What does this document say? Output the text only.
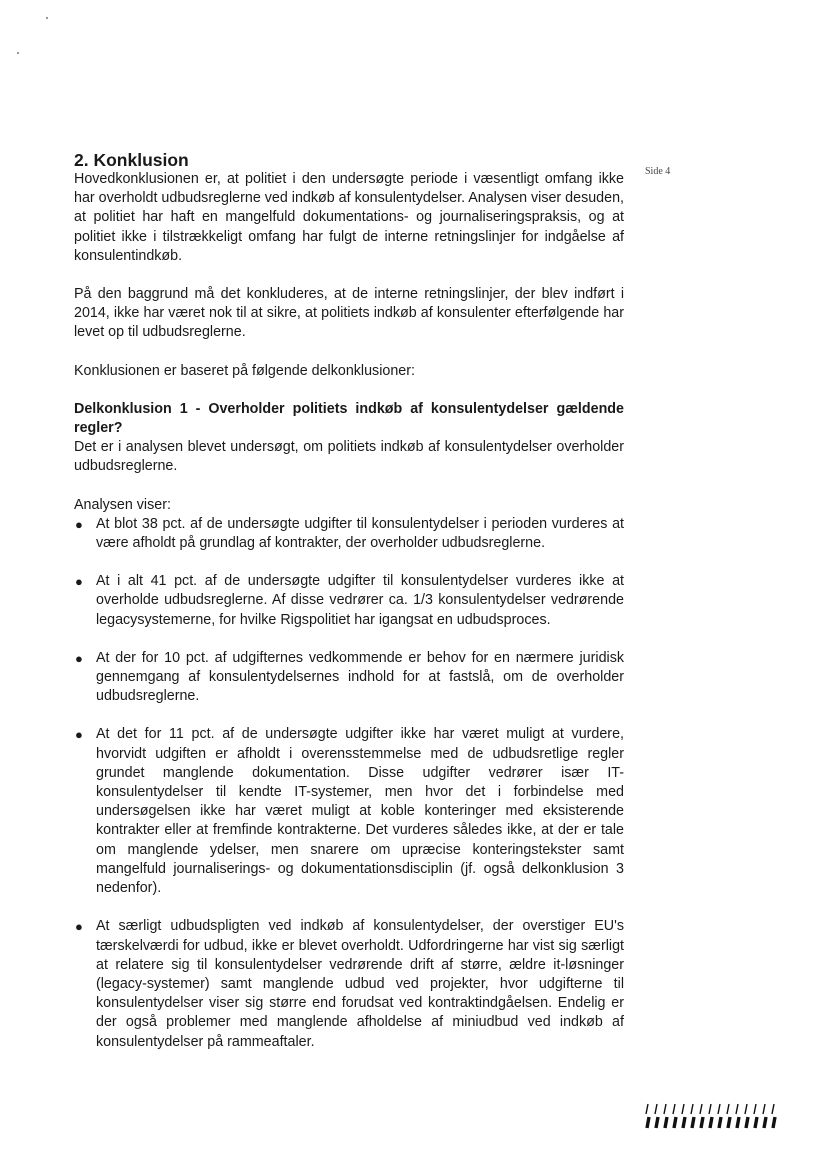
Side 4
2. Konklusion

Hovedkonklusionen er, at politiet i den undersøgte periode i væsentligt omfang ikke har overholdt udbudsreglerne ved indkøb af konsulentydelser. Analysen viser desuden, at politiet har haft en mangelfuld dokumentations- og journaliseringspraksis, og at politiet ikke i tilstrækkeligt omfang har fulgt de interne retningslinjer for indgåelse af konsulentindkøb.

På den baggrund må det konkluderes, at de interne retningslinjer, der blev indført i 2014, ikke har været nok til at sikre, at politiets indkøb af konsulenter efterfølgende har levet op til udbudsreglerne.

Konklusionen er baseret på følgende delkonklusioner:

Delkonklusion 1 - Overholder politiets indkøb af konsulentydelser gældende regler?

Det er i analysen blevet undersøgt, om politiets indkøb af konsulentydelser overholder udbudsreglerne.

Analysen viser:

● At blot 38 pct. af de undersøgte udgifter til konsulentydelser i perioden vurderes at være afholdt på grundlag af kontrakter, der overholder udbudsreglerne.
● At i alt 41 pct. af de undersøgte udgifter til konsulentydelser vurderes ikke at overholde udbudsreglerne. Af disse vedrører ca. 1/3 konsulentydelser vedrørende legacysystemerne, for hvilke Rigspolitiet har igangsat en udbudsproces.
● At der for 10 pct. af udgifternes vedkommende er behov for en nærmere juridisk gennemgang af konsulentydelsernes indhold for at fastslå, om de overholder udbudsreglerne.
● At det for 11 pct. af de undersøgte udgifter ikke har været muligt at vurdere, hvorvidt udgiften er afholdt i overensstemmelse med de udbudsretlige regler grundet manglende dokumentation. Disse udgifter vedrører især IT-konsulentydelser til kendte IT-systemer, men hvor det i forbindelse med undersøgelsen ikke har været muligt at koble konteringer med eksisterende kontrakter eller at fremfinde kontrakterne. Det vurderes således ikke, at der er tale om manglende ydelser, men snarere om upræcise konteringstekster samt mangelfuld journaliserings- og dokumentationsdisciplin (jf. også delkonklusion 3 nedenfor).
● At særligt udbudspligten ved indkøb af konsulentydelser, der overstiger EU's tærskelværdi for udbud, ikke er blevet overholdt. Udfordringerne har vist sig særligt at relatere sig til konsulentydelser vedrørende drift af større, ældre it-løsninger (legacy-systemer) samt manglende udbud ved projekter, hvor udgifterne til konsulentydelser viser sig større end forudsat ved kontraktindgåelsen. Endelig er der også problemer med manglende afholdelse af miniudbud ved indkøb af konsulentydelser på rammeaftaler.
